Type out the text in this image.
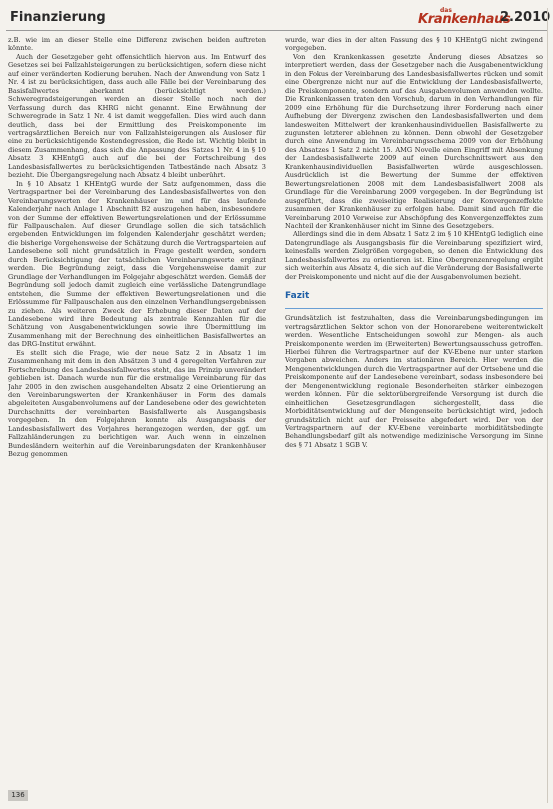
Finanzierung	das
Krankenhaus
2.2010

z.B. wie im an dieser Stelle eine Differenz zwischen beiden auftreten könnte.

Auch der Gesetzgeber geht offensichtlich hiervon aus. Im Entwurf des Gesetzes sei bei Fallzahlsteigerungen zu berücksichtigen, sofern diese nicht auf einer veränderten Kodierung beruhen. Nach der Anwendung von Satz 1 Nr. 4 ist zu berücksichtigen, dass auch alle Fälle bei der Vereinbarung des Basisfallwertes aberkannt (berücksichtigt werden.) Schweregradsteigerungen werden an dieser Stelle noch nach der Verfassung durch das KHRG nicht genannt. Eine Erwähnung der Schweregrade in Satz 1 Nr. 4 ist damit weggefallen. Dies wird auch dann deutlich, dass bei der Ermittlung des Preiskomponente im vertragsärztlichen Bereich nur von Fallzahlsteigerungen als Ausloser für eine zu berücksichtigende Kostendegression, die Rede ist. Wichtig bleibt in diesem Zusammenhang, dass sich die Anpassung des Satzes 1 Nr. 4 in § 10 Absatz 3 KHEntgG auch auf die bei der Fortschreibung des Landesbasisfallwertes zu berücksichtigenden Tatbestände nach Absatz 3 bezieht. Die Übergangsregelung nach Absatz 4 bleibt unberührt.

In § 10 Absatz 1 KHEntgG wurde der Satz aufgenommen, dass die Vertragspartner bei der Vereinbarung des Landesbasisfallwertes von den Vereinbarungswerten der Krankenhäuser im und für das laufende Kalenderjahr nach Anlage 1 Abschnitt B2 auszugehen haben, insbesondere von der Summe der effektiven Bewertungsrelationen und der Erlössumme für Fallpauschalen. Auf dieser Grundlage sollen die sich tatsächlich ergebenden Entwicklungen im folgenden Kalenderjahr geschätzt werden; die bisherige Vorgehensweise der Schätzung durch die Vertragsparteien auf Landesebene soll nicht grundsätzlich in Frage gestellt werden, sondern durch Berücksichtigung der tatsächlichen Vereinbarungswerte ergänzt werden. Die Begründung zeigt, dass die Vorgehensweise damit zur Grundlage der Verhandlungen im Folgejahr abgeschätzt werden. Gemäß der Begründung soll jedoch damit zugleich eine verlässliche Datengrundlage entstehen, die Summe der effektiven Bewertungsrelationen und die Erlössumme für Fallpauschalen aus den einzelnen Verhandlungsergebnissen zu ziehen. Als weiteren Zweck der Erhebung dieser Daten auf der Landesebene wird ihre Bedeutung als zentrale Kennzahlen für die Schätzung von Ausgabenentwicklungen sowie ihre Übermittlung im Zusammenhang mit der Berechnung des einheitlichen Basisfallwertes an das DRG-Institut erwähnt.

Es stellt sich die Frage, wie der neue Satz 2 in Absatz 1 im Zusammenhang mit dem in den Absätzen 3 und 4 geregelten Verfahren zur Fortschreibung des Landesbasisfallwertes steht, das im Prinzip unverändert geblieben ist. Danach wurde nun für die erstmalige Vereinbarung für das Jahr 2005 in den zwischen ausgehandelten Absatz 2 eine Orientierung an den Vereinbarungswerten der Krankenhäuser in Form des damals abgeleiteten Ausgabenvolumens auf der Landesebene oder des gewichteten Durchschnitts der vereinbarten Basisfallwerte als Ausgangsbasis vorgegeben. In den Folgejahren konnte als Ausgangsbasis der Landesbasisfallwert des Vorjahres herangezogen werden, der ggf. um Fallzahländerungen zu berichtigen war. Auch wenn in einzelnen Bundesländern weiterhin auf die Vereinbarungsdaten der Krankenhäuser Bezug genommen

wurde, war dies in der alten Fassung des § 10 KHEntgG nicht zwingend vorgegeben.

Von den Krankenkassen gesetzte Änderung dieses Absatzes so interpretiert werden, dass der Gesetzgeber nach die Ausgabenentwicklung in den Fokus der Vereinbarung des Landesbasisfallwertes rücken und somit eine Obergrenze nicht nur auf die Entwicklung der Landesbasisfallwerte, die Preiskomponente, sondern auf das Ausgabenvolumen anwenden wollte. Die Krankenkassen traten den Vorschub, darum in den Verhandlungen für 2009 eine Erhöhung für die Durchsetzung ihrer Forderung nach einer Aufhebung der Divergenz zwischen den Landesbasisfallwerten und dem landesweiten Mittelwert der krankenhausindividuellen Basisfallwerte zu zugunsten letzterer ablehnen zu können. Denn obwohl der Gesetzgeber durch eine Anwendung im Vereinbarungsschema 2009 von der Erhöhung des Absatzes 1 Satz 2 nicht 15. AMG Novelle einen Eingriff mit Absenkung der Landesbasisfallwerte 2009 auf einen Durchschnittswert aus den Krankenhausindividuellen Basisfallwerten würde ausgeschlossen. Ausdrücklich ist die Bewertung der Summe der effektiven Bewertungsrelationen 2008 mit dem Landesbasisfallwert 2008 als Grundlage für die Vereinbarung 2009 vorgegeben. In der Begründung ist ausgeführt, dass die zweiseitige Realisierung der Konvergenzeffekte zusammen der Krankenhäuser zu erfolgen habe. Damit sind auch für die Vereinbarung 2010 Verweise zur Abschöpfung des Konvergenzeffektes zum Nachteil der Krankenhäuser nicht im Sinne des Gesetzgebers.

Allerdings sind die in dem Absatz 1 Satz 2 im § 10 KHEntgG lediglich eine Datengrundlage als Ausgangsbasis für die Vereinbarung spezifiziert wird, keinesfalls werden Zielgrößen vorgegeben, so denen die Entwicklung des Landesbasisfallwertes zu orientieren ist. Eine Obergrenzenregelung ergibt sich weiterhin aus Absatz 4, die sich auf die Veränderung der Basisfallwerte der Preiskomponente und nicht auf die der Ausgabenvolumen bezieht.

Fazit

Grundsätzlich ist festzuhalten, dass die Vereinbarungsbedingungen im vertragsärztlichen Sektor schon von der Honorarebene weiterentwickelt werden. Wesentliche Entscheidungen sowohl zur Mengen- als auch Preiskomponente werden im (Erweiterten) Bewertungsausschuss getroffen. Hierbei führen die Vertragspartner auf der KV-Ebene nur unter starken Vorgaben abweichen. Anders im stationären Bereich. Hier werden die Mengenentwicklungen durch die Vertragspartner auf der Ortsebene und die Preiskomponente auf der Landesebene vereinbart, sodass insbesondere bei der Mengenentwicklung regionale Besonderheiten stärker einbezogen werden können. Für die sektorübergreifende Versorgung ist durch die einheitlichen Gesetzesgrundlagen sichergestellt, dass die Morbiditätsentwicklung auf der Mengenseite berücksichtigt wird, jedoch grundsätzlich nicht auf der Preisseite abgefedert wird. Der von der Vertragspartnern auf der KV-Ebene vereinbarte morbiditätsbedingte Behandlungsbedarf gilt als notwendige medizinische Versorgung im Sinne des § 71 Absatz 1 SGB V.

136
